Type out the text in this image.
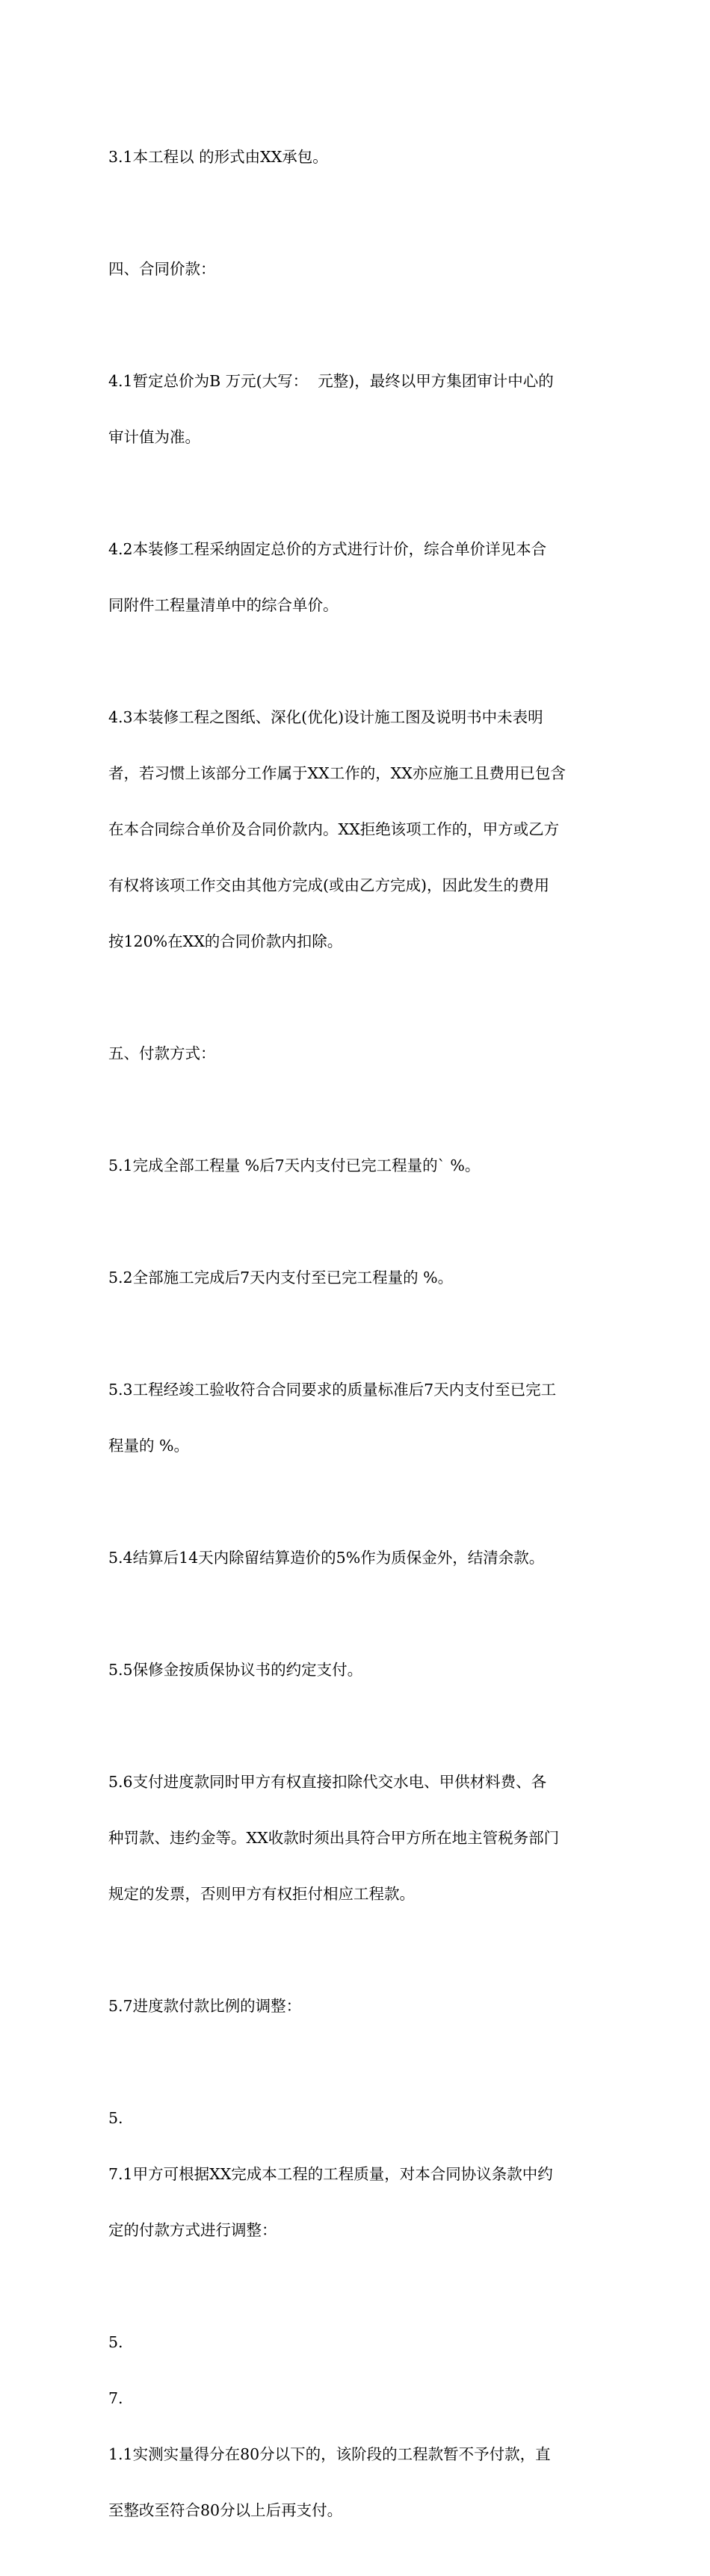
3.1本工程以 的形式由XX承包。

四、合同价款：

4.1暂定总价为B 万元(大写：  元整)，最终以甲方集团审计中心的

审计值为准。

4.2本装修工程采纳固定总价的方式进行计价，综合单价详见本合

同附件工程量清单中的综合单价。

4.3本装修工程之图纸、深化(优化)设计施工图及说明书中未表明

者，若习惯上该部分工作属于XX工作的，XX亦应施工且费用已包含

在本合同综合单价及合同价款内。XX拒绝该项工作的，甲方或乙方

有权将该项工作交由其他方完成(或由乙方完成)，因此发生的费用

按120%在XX的合同价款内扣除。

五、付款方式：

5.1完成全部工程量 %后7天内支付已完工程量的` %。

5.2全部施工完成后7天内支付至已完工程量的 %。

5.3工程经竣工验收符合合同要求的质量标准后7天内支付至已完工

程量的 %。

5.4结算后14天内除留结算造价的5%作为质保金外，结清余款。

5.5保修金按质保协议书的约定支付。

5.6支付进度款同时甲方有权直接扣除代交水电、甲供材料费、各

种罚款、违约金等。XX收款时须出具符合甲方所在地主管税务部门

规定的发票，否则甲方有权拒付相应工程款。

5.7进度款付款比例的调整：

5.

7.1甲方可根据XX完成本工程的工程质量，对本合同协议条款中约

定的付款方式进行调整：

5.

7.

1.1实测实量得分在80分以下的，该阶段的工程款暂不予付款，直

至整改至符合80分以上后再支付。
